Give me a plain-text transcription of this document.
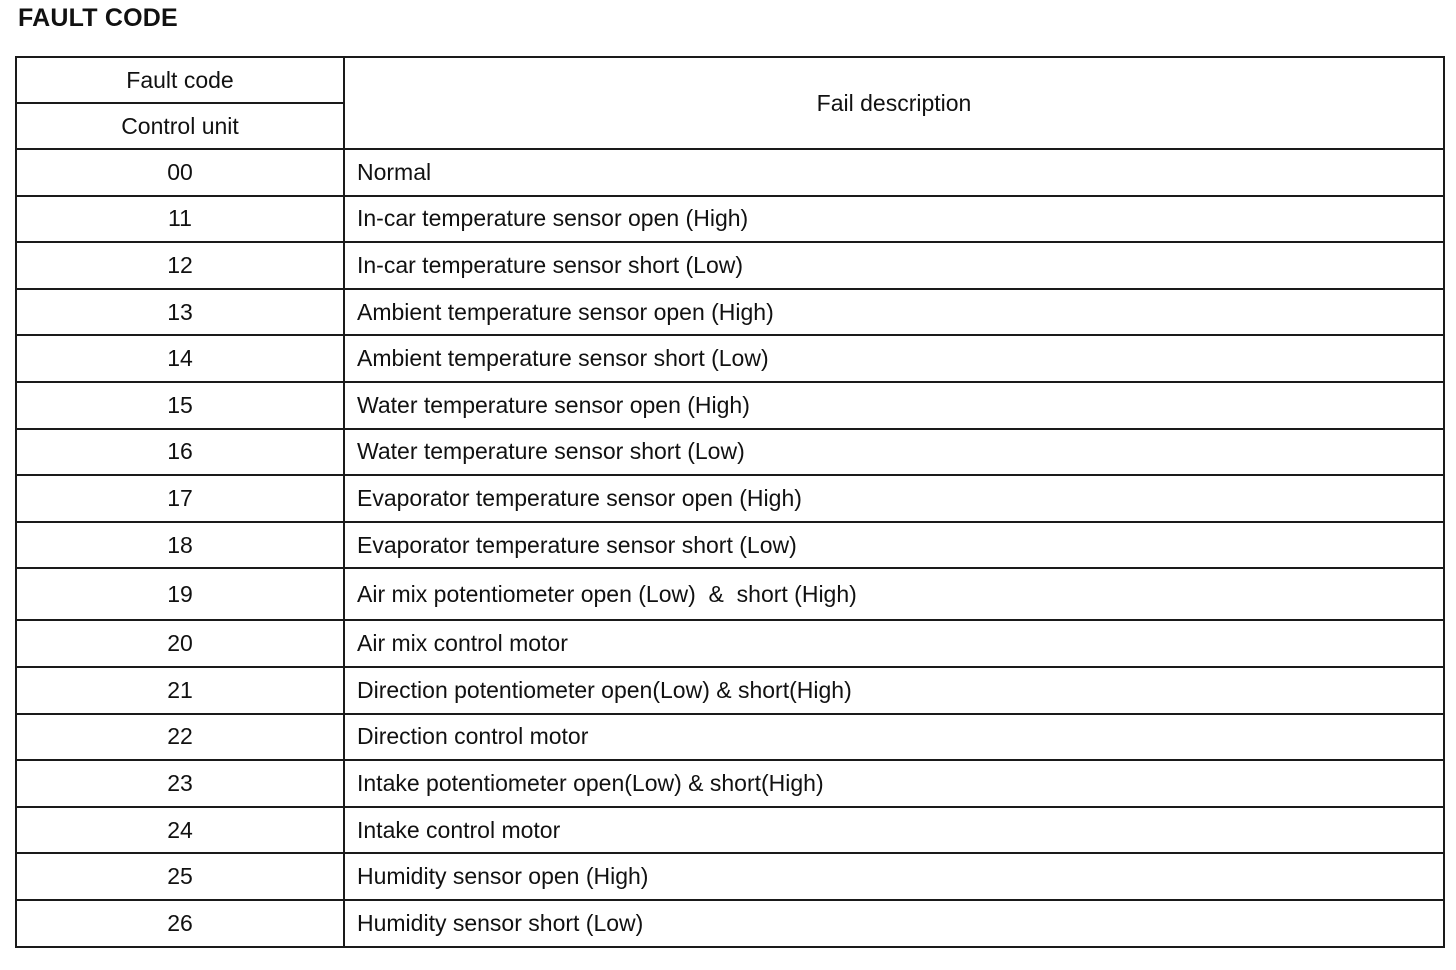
FAULT CODE
Fault code	Fail description
Control unit	
00	Normal
11	In-car temperature sensor open (High)
12	In-car temperature sensor short (Low)
13	Ambient temperature sensor open (High)
14	Ambient temperature sensor short (Low)
15	Water temperature sensor open (High)
16	Water temperature sensor short (Low)
17	Evaporator temperature sensor open (High)
18	Evaporator temperature sensor short (Low)
19	Air mix potentiometer open (Low)  &  short (High)
20	Air mix control motor
21	Direction potentiometer open(Low) & short(High)
22	Direction control motor
23	Intake potentiometer open(Low) & short(High)
24	Intake control motor
25	Humidity sensor open (High)
26	Humidity sensor short (Low)
